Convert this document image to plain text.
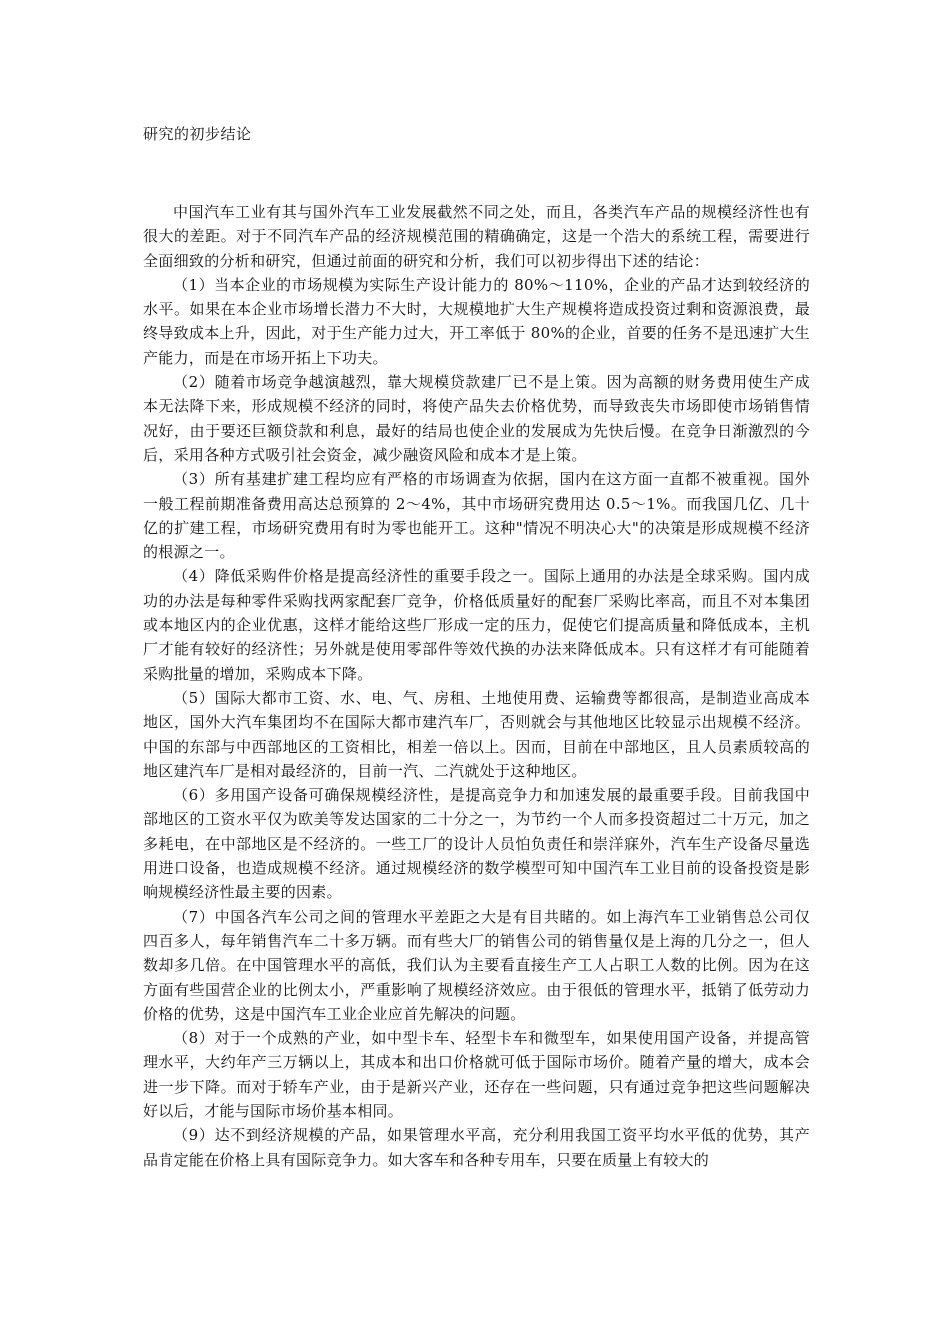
研究的初步结论

中国汽车工业有其与国外汽车工业发展截然不同之处，而且，各类汽车产品的规模经济性也有很大的差距。对于不同汽车产品的经济规模范围的精确确定，这是一个浩大的系统工程，需要进行全面细致的分析和研究，但通过前面的研究和分析，我们可以初步得出下述的结论：

（1）当本企业的市场规模为实际生产设计能力的 80%～110%，企业的产品才达到较经济的水平。如果在本企业市场增长潜力不大时，大规模地扩大生产规模将造成投资过剩和资源浪费，最终导致成本上升，因此，对于生产能力过大，开工率低于 80%的企业，首要的任务不是迅速扩大生产能力，而是在市场开拓上下功夫。

（2）随着市场竞争越演越烈，靠大规模贷款建厂已不是上策。因为高额的财务费用使生产成本无法降下来，形成规模不经济的同时，将使产品失去价格优势，而导致丧失市场即使市场销售情况好，由于要还巨额贷款和利息，最好的结局也使企业的发展成为先快后慢。在竞争日渐激烈的今后，采用各种方式吸引社会资金，减少融资风险和成本才是上策。

（3）所有基建扩建工程均应有严格的市场调查为依据，国内在这方面一直都不被重视。国外一般工程前期准备费用高达总预算的 2～4%，其中市场研究费用达 0.5～1%。而我国几亿、几十亿的扩建工程，市场研究费用有时为零也能开工。这种"情况不明决心大"的决策是形成规模不经济的根源之一。

（4）降低采购件价格是提高经济性的重要手段之一。国际上通用的办法是全球采购。国内成功的办法是每种零件采购找两家配套厂竞争，价格低质量好的配套厂采购比率高，而且不对本集团或本地区内的企业优惠，这样才能给这些厂形成一定的压力，促使它们提高质量和降低成本，主机厂才能有较好的经济性；另外就是使用零部件等效代换的办法来降低成本。只有这样才有可能随着采购批量的增加，采购成本下降。

（5）国际大都市工资、水、电、气、房租、土地使用费、运输费等都很高，是制造业高成本地区，国外大汽车集团均不在国际大都市建汽车厂，否则就会与其他地区比较显示出规模不经济。中国的东部与中西部地区的工资相比，相差一倍以上。因而，目前在中部地区，且人员素质较高的地区建汽车厂是相对最经济的，目前一汽、二汽就处于这种地区。

（6）多用国产设备可确保规模经济性，是提高竞争力和加速发展的最重要手段。目前我国中部地区的工资水平仅为欧美等发达国家的二十分之一，为节约一个人而多投资超过二十万元，加之多耗电，在中部地区是不经济的。一些工厂的设计人员怕负责任和崇洋寐外，汽车生产设备尽量选用进口设备，也造成规模不经济。通过规模经济的数学模型可知中国汽车工业目前的设备投资是影响规模经济性最主要的因素。

（7）中国各汽车公司之间的管理水平差距之大是有目共睹的。如上海汽车工业销售总公司仅四百多人，每年销售汽车二十多万辆。而有些大厂的销售公司的销售量仅是上海的几分之一，但人数却多几倍。在中国管理水平的高低，我们认为主要看直接生产工人占职工人数的比例。因为在这方面有些国营企业的比例太小，严重影响了规模经济效应。由于很低的管理水平，抵销了低劳动力价格的优势，这是中国汽车工业企业应首先解决的问题。

（8）对于一个成熟的产业，如中型卡车、轻型卡车和微型车，如果使用国产设备，并提高管理水平，大约年产三万辆以上，其成本和出口价格就可低于国际市场价。随着产量的增大，成本会进一步下降。而对于轿车产业，由于是新兴产业，还存在一些问题，只有通过竞争把这些问题解决好以后，才能与国际市场价基本相同。

（9）达不到经济规模的产品，如果管理水平高，充分利用我国工资平均水平低的优势，其产品肯定能在价格上具有国际竞争力。如大客车和各种专用车，只要在质量上有较大的
